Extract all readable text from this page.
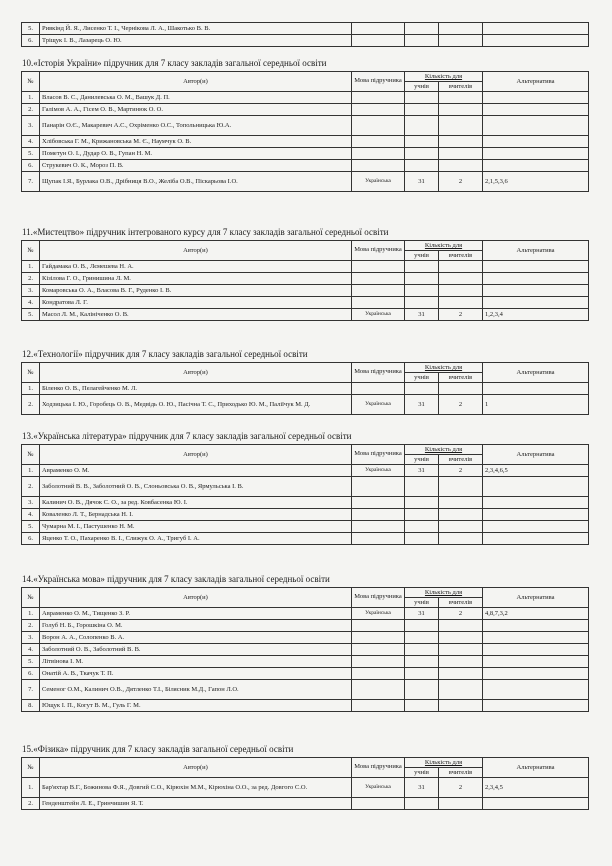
5.	Ривкінд Й. Я., Лисенко Т. І., Чернікова Л. А., Шакотько В. В.				
6.	Тріщук І. В., Лазарець О. Ю.				
10.«Історія України» підручник для 7 класу закладів загальної середньої освіти
№	Автор(и)	Мова підручника	Кількість для		Альтернатива
			учнів	вчителів	
1.	Власов В. С., Данилевська О. М., Вашук Д. П.				
2.	Галімов А. А., Гісем О. В., Мартинюк О. О.				
3.	Панарін О.Є., Макаревич А.С., Охріменко О.С., Топольницька Ю.А.				
4.	Хлібовська Г. М., Крижановська М. Є., Наумчук О. В.				
5.	Пометун О. І., Дудар О. В., Гупан Н. М.				
6.	Струкевич О. К., Мороз П. В.				
7.	Щупак І.Я., Бурлака О.В., Дрібниця В.О., Желіба О.В., Піскарьова І.О.	Українська	31	2	2,1,5,3,6
11.«Мистецтво» підручник інтегрованого курсу для 7 класу закладів загальної середньої освіти
№	Автор(и)	Мова підручника	Кількість для		Альтернатива
			учнів	вчителів	
1.	Гайдамака О. В., Лємешева Н. А.				
2.	Кізілова Г. О., Гринишина Л. М.				
3.	Комаровська О. А., Власова В. Г., Руденко І. В.				
4.	Кондратова Л. Г.				
5.	Масол Л. М., Калініченко О. В.	Українська	31	2	1,2,3,4
12.«Технології» підручник для 7 класу закладів загальної середньої освіти
№	Автор(и)	Мова підручника	Кількість для		Альтернатива
			учнів	вчителів	
1.	Біленко О. В., Пелагейченко М. Л.				
2.	Ходзицька І. Ю., Горобець О. В., Медвідь О. Ю., Пасічна Т. С., Приходько Ю. М., Паліїчук М. Д.	Українська	31	2	1
13.«Українська література» підручник для 7 класу закладів загальної середньої освіти
№	Автор(и)	Мова підручника	Кількість для		Альтернатива
			учнів	вчителів	
1.	Авраменко О. М.	Українська	31	2	2,3,4,6,5
2.	Заболотний В. В., Заболотний О. В., Слоньовська О. В., Ярмульська І. В.				
3.	Калинич О. В., Дячок С. О., за ред. Ковбасенка Ю. І.				
4.	Коваленко Л. Т., Бернадська Н. І.				
5.	Чумарна М. І., Пастушенко Н. М.				
6.	Яценко Т. О., Пахаренко В. І., Слижук О. А., Тригуб І. А.				
14.«Українська мова» підручник для 7 класу закладів загальної середньої освіти
№	Автор(и)	Мова підручника	Кількість для		Альтернатива
			учнів	вчителів	
1.	Авраменко О. М., Тищенко З. Р.	Українська	31	2	4,8,7,3,2
2.	Голуб Н. Б., Горошкіна О. М.				
3.	Ворон А. А., Солопенко В. А.				
4.	Заболотний О. В., Заболотний В. В.				
5.	Літвінова І. М.				
6.	Онатій А. В., Ткачук Т. П.				
7.	Семеног О.М., Калинич О.В., Дятленко Т.І., Білясник М.Д., Гапон Л.О.				
8.	Ющук І. П., Когут В. М., Гуль Г. М.				
15.«Фізика» підручник для 7 класу закладів загальної середньої освіти
№	Автор(и)	Мова підручника	Кількість для		Альтернатива
			учнів	вчителів	
1.	Бар'яхтар В.Г., Божинова Ф.Я., Довгий С.О., Кірюхін М.М., Кірюхіна О.О., за ред. Довгого С.О.	Українська	31	2	2,3,4,5
2.	Генденштейн Л. Е., Гринчишин Я. Т.				
